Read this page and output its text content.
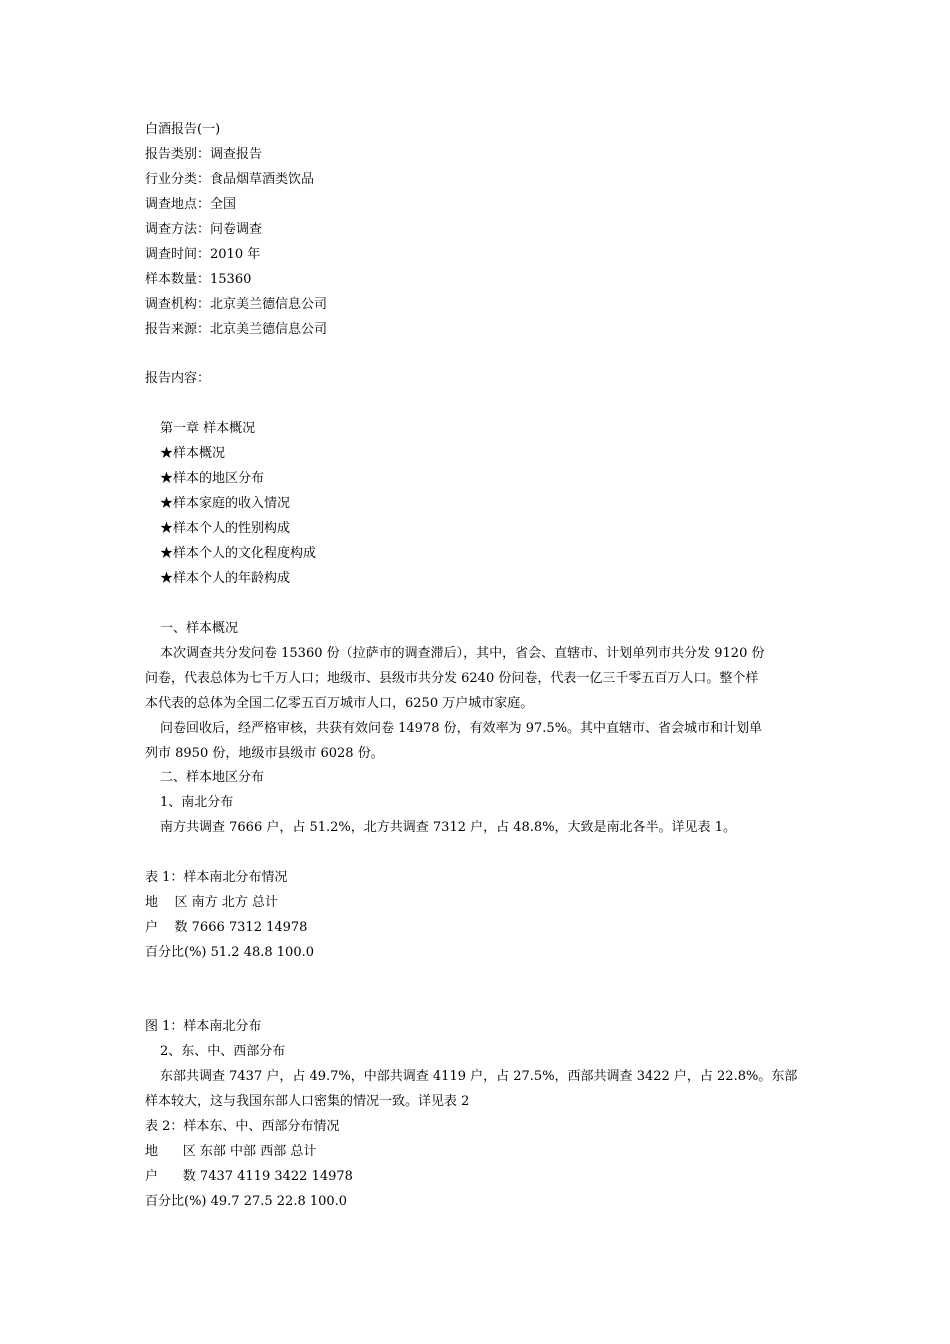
白酒报告(一)
报告类别：调查报告
行业分类：食品烟草酒类饮品
调查地点：全国
调查方法：问卷调查
调查时间：2010 年
样本数量：15360
调查机构：北京美兰德信息公司
报告来源：北京美兰德信息公司
报告内容：
第一章 样本概况
★样本概况
★样本的地区分布
★样本家庭的收入情况
★样本个人的性别构成
★样本个人的文化程度构成
★样本个人的年龄构成
一、样本概况
本次调查共分发问卷 15360 份（拉萨市的调查滞后），其中，省会、直辖市、计划单列市共分发 9120 份
问卷，代表总体为七千万人口；地级市、县级市共分发 6240 份问卷，代表一亿三千零五百万人口。整个样
本代表的总体为全国二亿零五百万城市人口，6250 万户城市家庭。
问卷回收后，经严格审核，共获有效问卷 14978 份，有效率为 97.5%。其中直辖市、省会城市和计划单
列市 8950 份，地级市县级市 6028 份。
二、样本地区分布
1、南北分布
南方共调查 7666 户，占 51.2%，北方共调查 7312 户，占 48.8%，大致是南北各半。详见表 1。
表 1：样本南北分布情况
地    区 南方 北方 总计
户    数 7666 7312 14978
百分比(%) 51.2 48.8 100.0
图 1：样本南北分布
2、东、中、西部分布
东部共调查 7437 户，占 49.7%，中部共调查 4119 户，占 27.5%，西部共调查 3422 户，占 22.8%。东部
样本较大，这与我国东部人口密集的情况一致。详见表 2
表 2：样本东、中、西部分布情况
地      区 东部 中部 西部 总计
户      数 7437 4119 3422 14978
百分比(%) 49.7 27.5 22.8 100.0
